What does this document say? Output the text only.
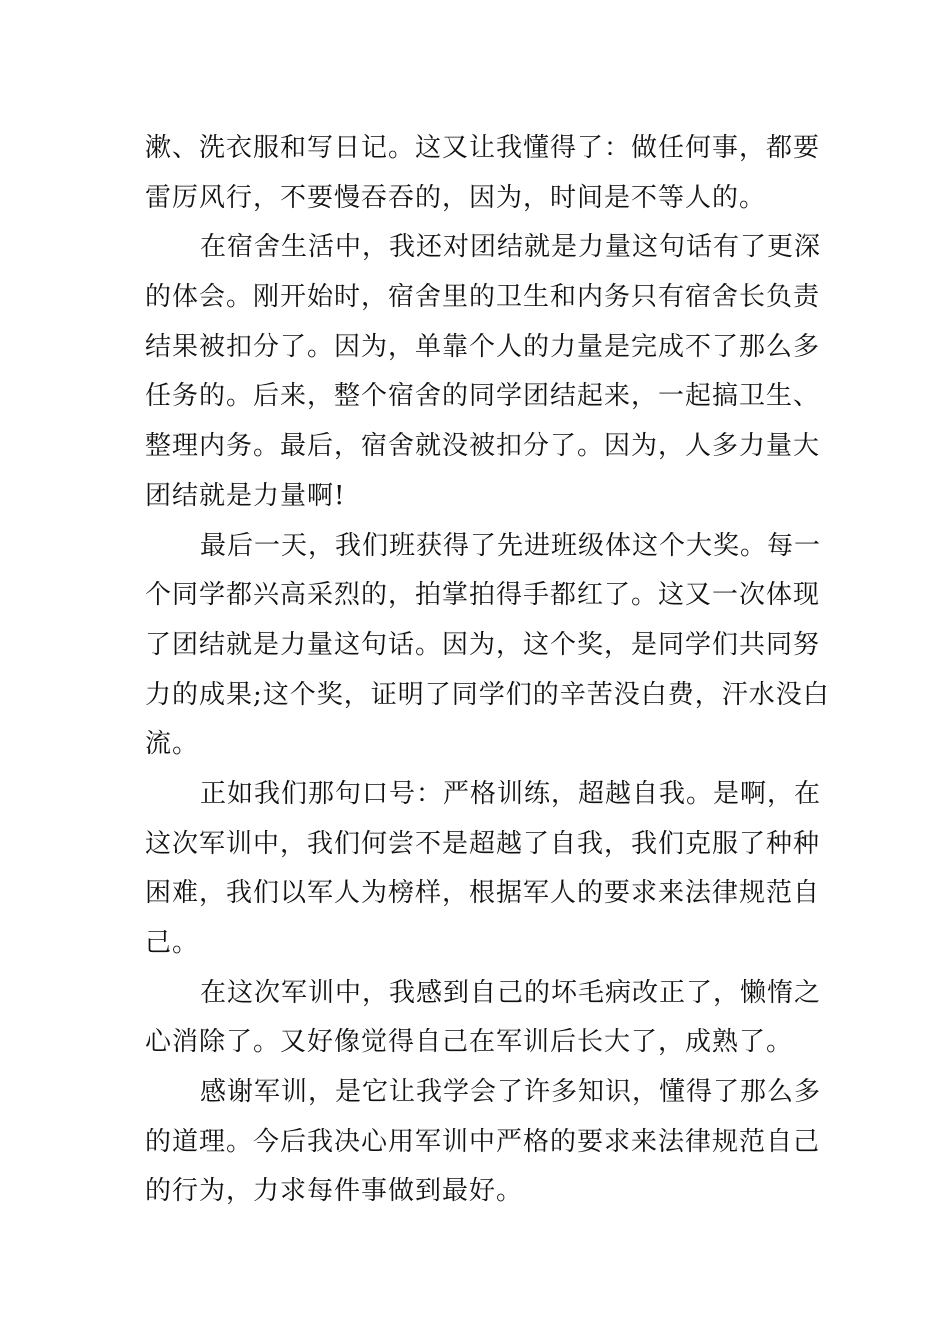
漱、洗衣服和写日记。这又让我懂得了：做任何事，都要
雷厉风行，不要慢吞吞的，因为，时间是不等人的。
在宿舍生活中，我还对团结就是力量这句话有了更深
的体会。刚开始时，宿舍里的卫生和内务只有宿舍长负责
结果被扣分了。因为，单靠个人的力量是完成不了那么多
任务的。后来，整个宿舍的同学团结起来，一起搞卫生、
整理内务。最后，宿舍就没被扣分了。因为，人多力量大
团结就是力量啊!
最后一天，我们班获得了先进班级体这个大奖。每一
个同学都兴高采烈的，拍掌拍得手都红了。这又一次体现
了团结就是力量这句话。因为，这个奖，是同学们共同努
力的成果;这个奖，证明了同学们的辛苦没白费，汗水没白
流。
正如我们那句口号：严格训练，超越自我。是啊，在
这次军训中，我们何尝不是超越了自我，我们克服了种种
困难，我们以军人为榜样，根据军人的要求来法律规范自
己。
在这次军训中，我感到自己的坏毛病改正了，懒惰之
心消除了。又好像觉得自己在军训后长大了，成熟了。
感谢军训，是它让我学会了许多知识，懂得了那么多
的道理。今后我决心用军训中严格的要求来法律规范自己
的行为，力求每件事做到最好。
